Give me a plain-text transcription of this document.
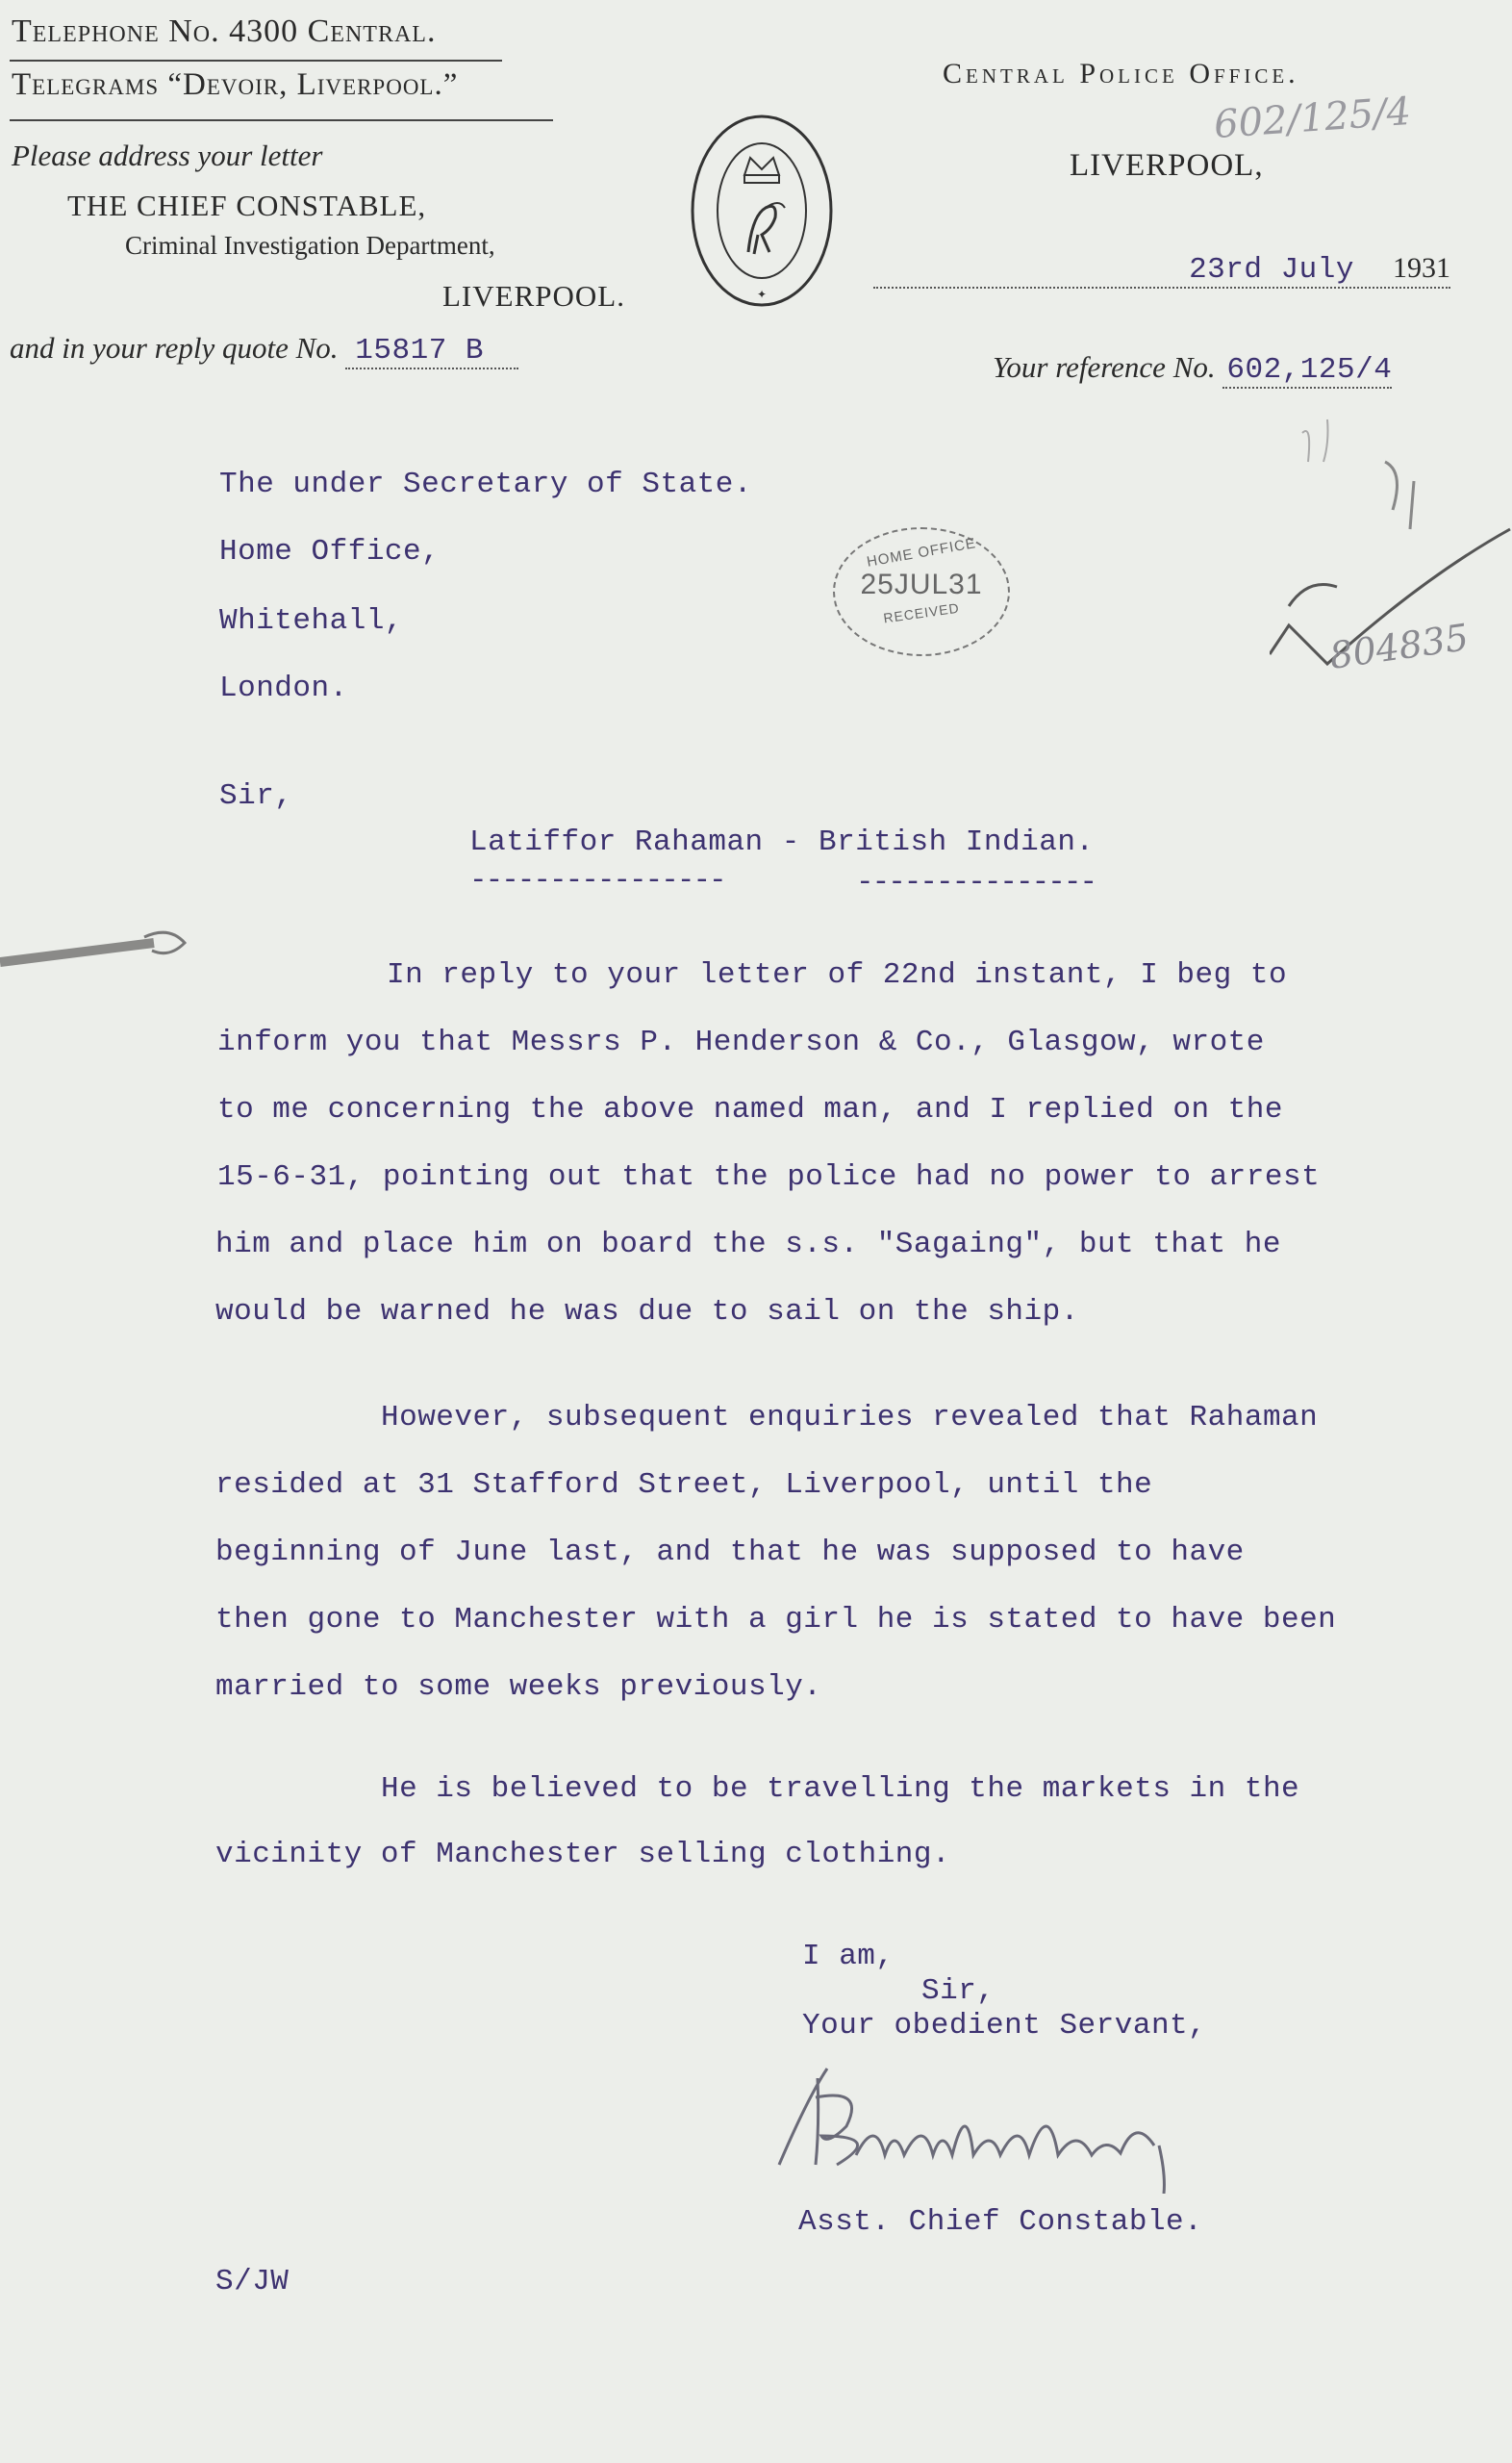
Telephone No. 4300 Central.
Telegrams “Devoir, Liverpool.”
Please address your letter
THE CHIEF CONSTABLE,
Criminal Investigation Department,
LIVERPOOL.
and in your reply quote No. 15817 B
✦
Central Police Office.
LIVERPOOL,
23rd July 1931
Your reference No. 602,125/4
602/125/4
HOME OFFICE
25JUL31
RECEIVED
804835
The under Secretary of State.
Home Office,
Whitehall,
London.
Sir,
Latiffor Rahaman - British Indian.
----------------	---------------
In reply to your letter of 22nd instant, I beg to
inform you that Messrs P. Henderson & Co., Glasgow, wrote
to me concerning the above named man, and I replied on the
15-6-31, pointing out that the police had no power to arrest
him and place him on board the s.s. "Sagaing", but that he
would be warned he was due to sail on the ship.
However, subsequent enquiries revealed that Rahaman
resided at 31 Stafford Street, Liverpool, until the
beginning of June last, and that he was supposed to have
then gone to Manchester with a girl he is stated to have been
married to some weeks previously.
He is believed to be travelling the markets in the
vicinity of Manchester selling clothing.
I am,
Sir,
Your obedient Servant,
Asst. Chief Constable.
S/JW
